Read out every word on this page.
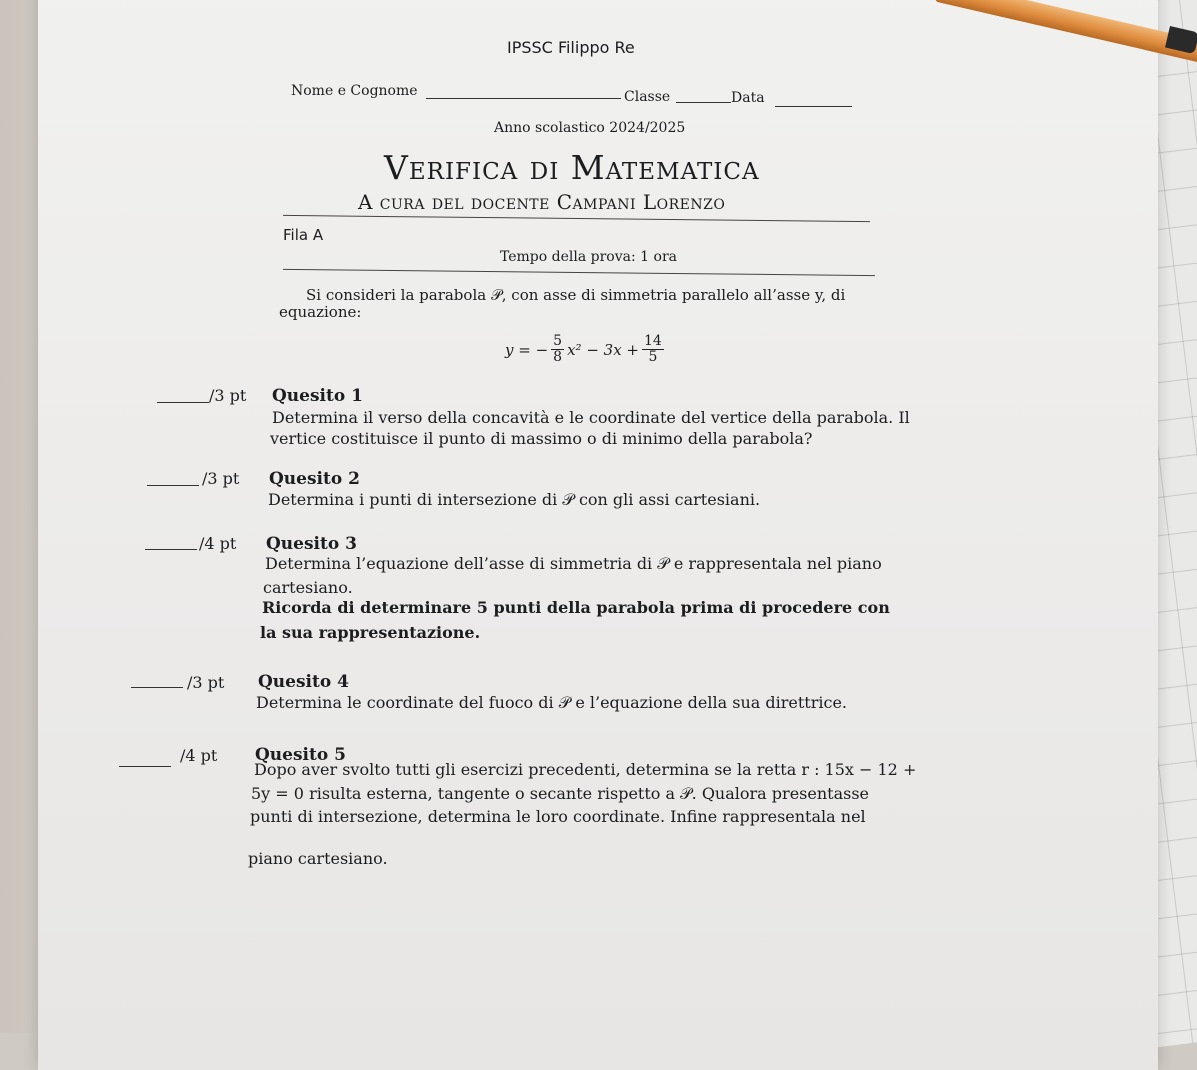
IPSSC Filippo Re
Nome e Cognome	Classe	Data
Anno scolastico 2024/2025
Verifica di Matematica
A cura del docente Campani Lorenzo
Fila A
Tempo della prova: 1 ora
Si consideri la parabola 𝒫, con asse di simmetria parallelo all’asse y, di
equazione:
y = − $\frac{5}{8} x^2 - 3x + \frac{14}{5}$
/3 pt Quesito 1
Determina il verso della concavità e le coordinate del vertice della parabola. Il
vertice costituisce il punto di massimo o di minimo della parabola?
/3 pt Quesito 2
Determina i punti di intersezione di 𝒫 con gli assi cartesiani.
/4 pt Quesito 3
Determina l’equazione dell’asse di simmetria di 𝒫 e rappresentala nel piano
cartesiano.
Ricorda di determinare 5 punti della parabola prima di procedere con
la sua rappresentazione.
/3 pt Quesito 4
Determina le coordinate del fuoco di 𝒫 e l’equazione della sua direttrice.
/4 pt Quesito 5
Dopo aver svolto tutti gli esercizi precedenti, determina se la retta r : 15x − 12 +
5y = 0 risulta esterna, tangente o secante rispetto a 𝒫. Qualora presentasse
punti di intersezione, determina le loro coordinate. Infine rappresentala nel
piano cartesiano.
